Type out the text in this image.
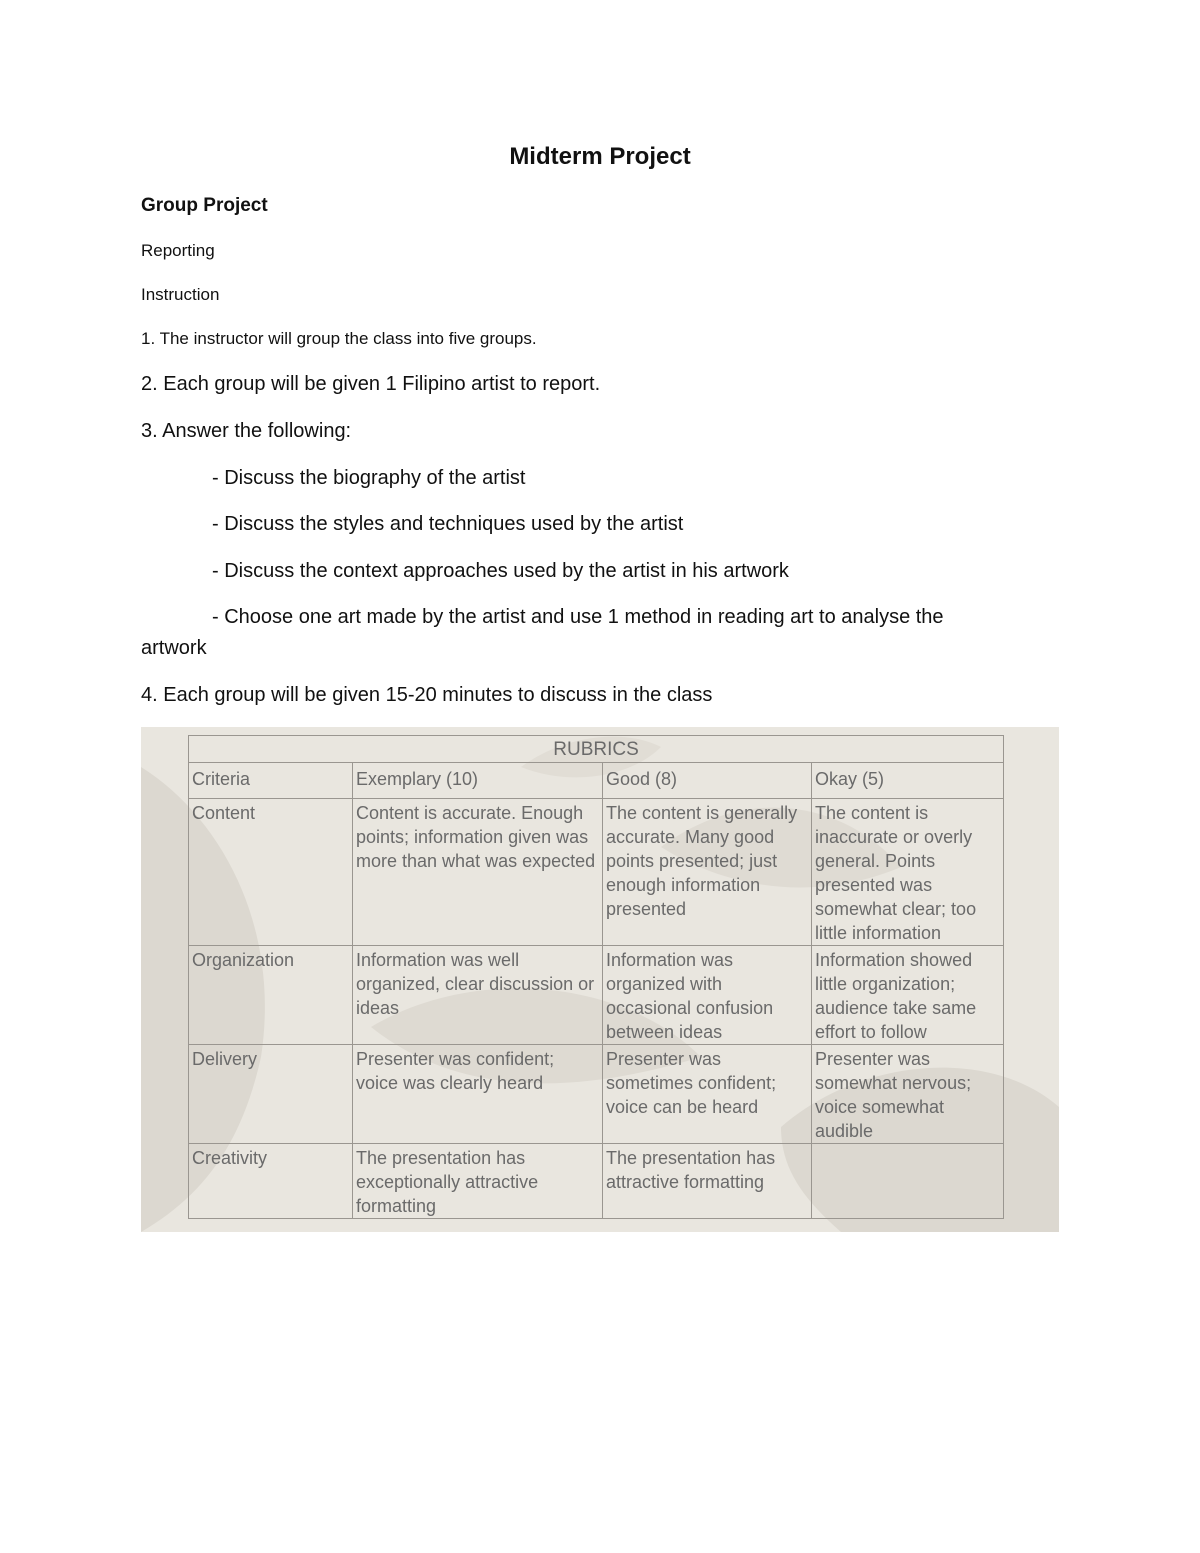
Midterm Project
Group Project
Reporting
Instruction
1. The instructor will group the class into five groups.
2. Each group will be given 1 Filipino artist to report.
3. Answer the following:
- Discuss the biography of the artist
- Discuss the styles and techniques used by the artist
- Discuss the context approaches used by the artist in his artwork
- Choose one art made by the artist and use 1 method in reading art to analyse the
artwork
4. Each group will be given 15-20 minutes to discuss in the class
RUBRICS			
Criteria	Exemplary (10)	Good (8)	Okay (5)
Content	Content is accurate. Enough points; information given was more than what was expected	The content is generally accurate. Many good points presented; just enough information presented	The content is inaccurate or overly general. Points presented was somewhat clear; too little information
Organization	Information was well organized, clear discussion or ideas	Information was organized with occasional confusion between ideas	Information showed little organization; audience take same effort to follow
Delivery	Presenter was confident; voice was clearly heard	Presenter was sometimes confident; voice can be heard	Presenter was somewhat nervous; voice somewhat audible
Creativity	The presentation has exceptionally attractive formatting	The presentation has attractive formatting	
